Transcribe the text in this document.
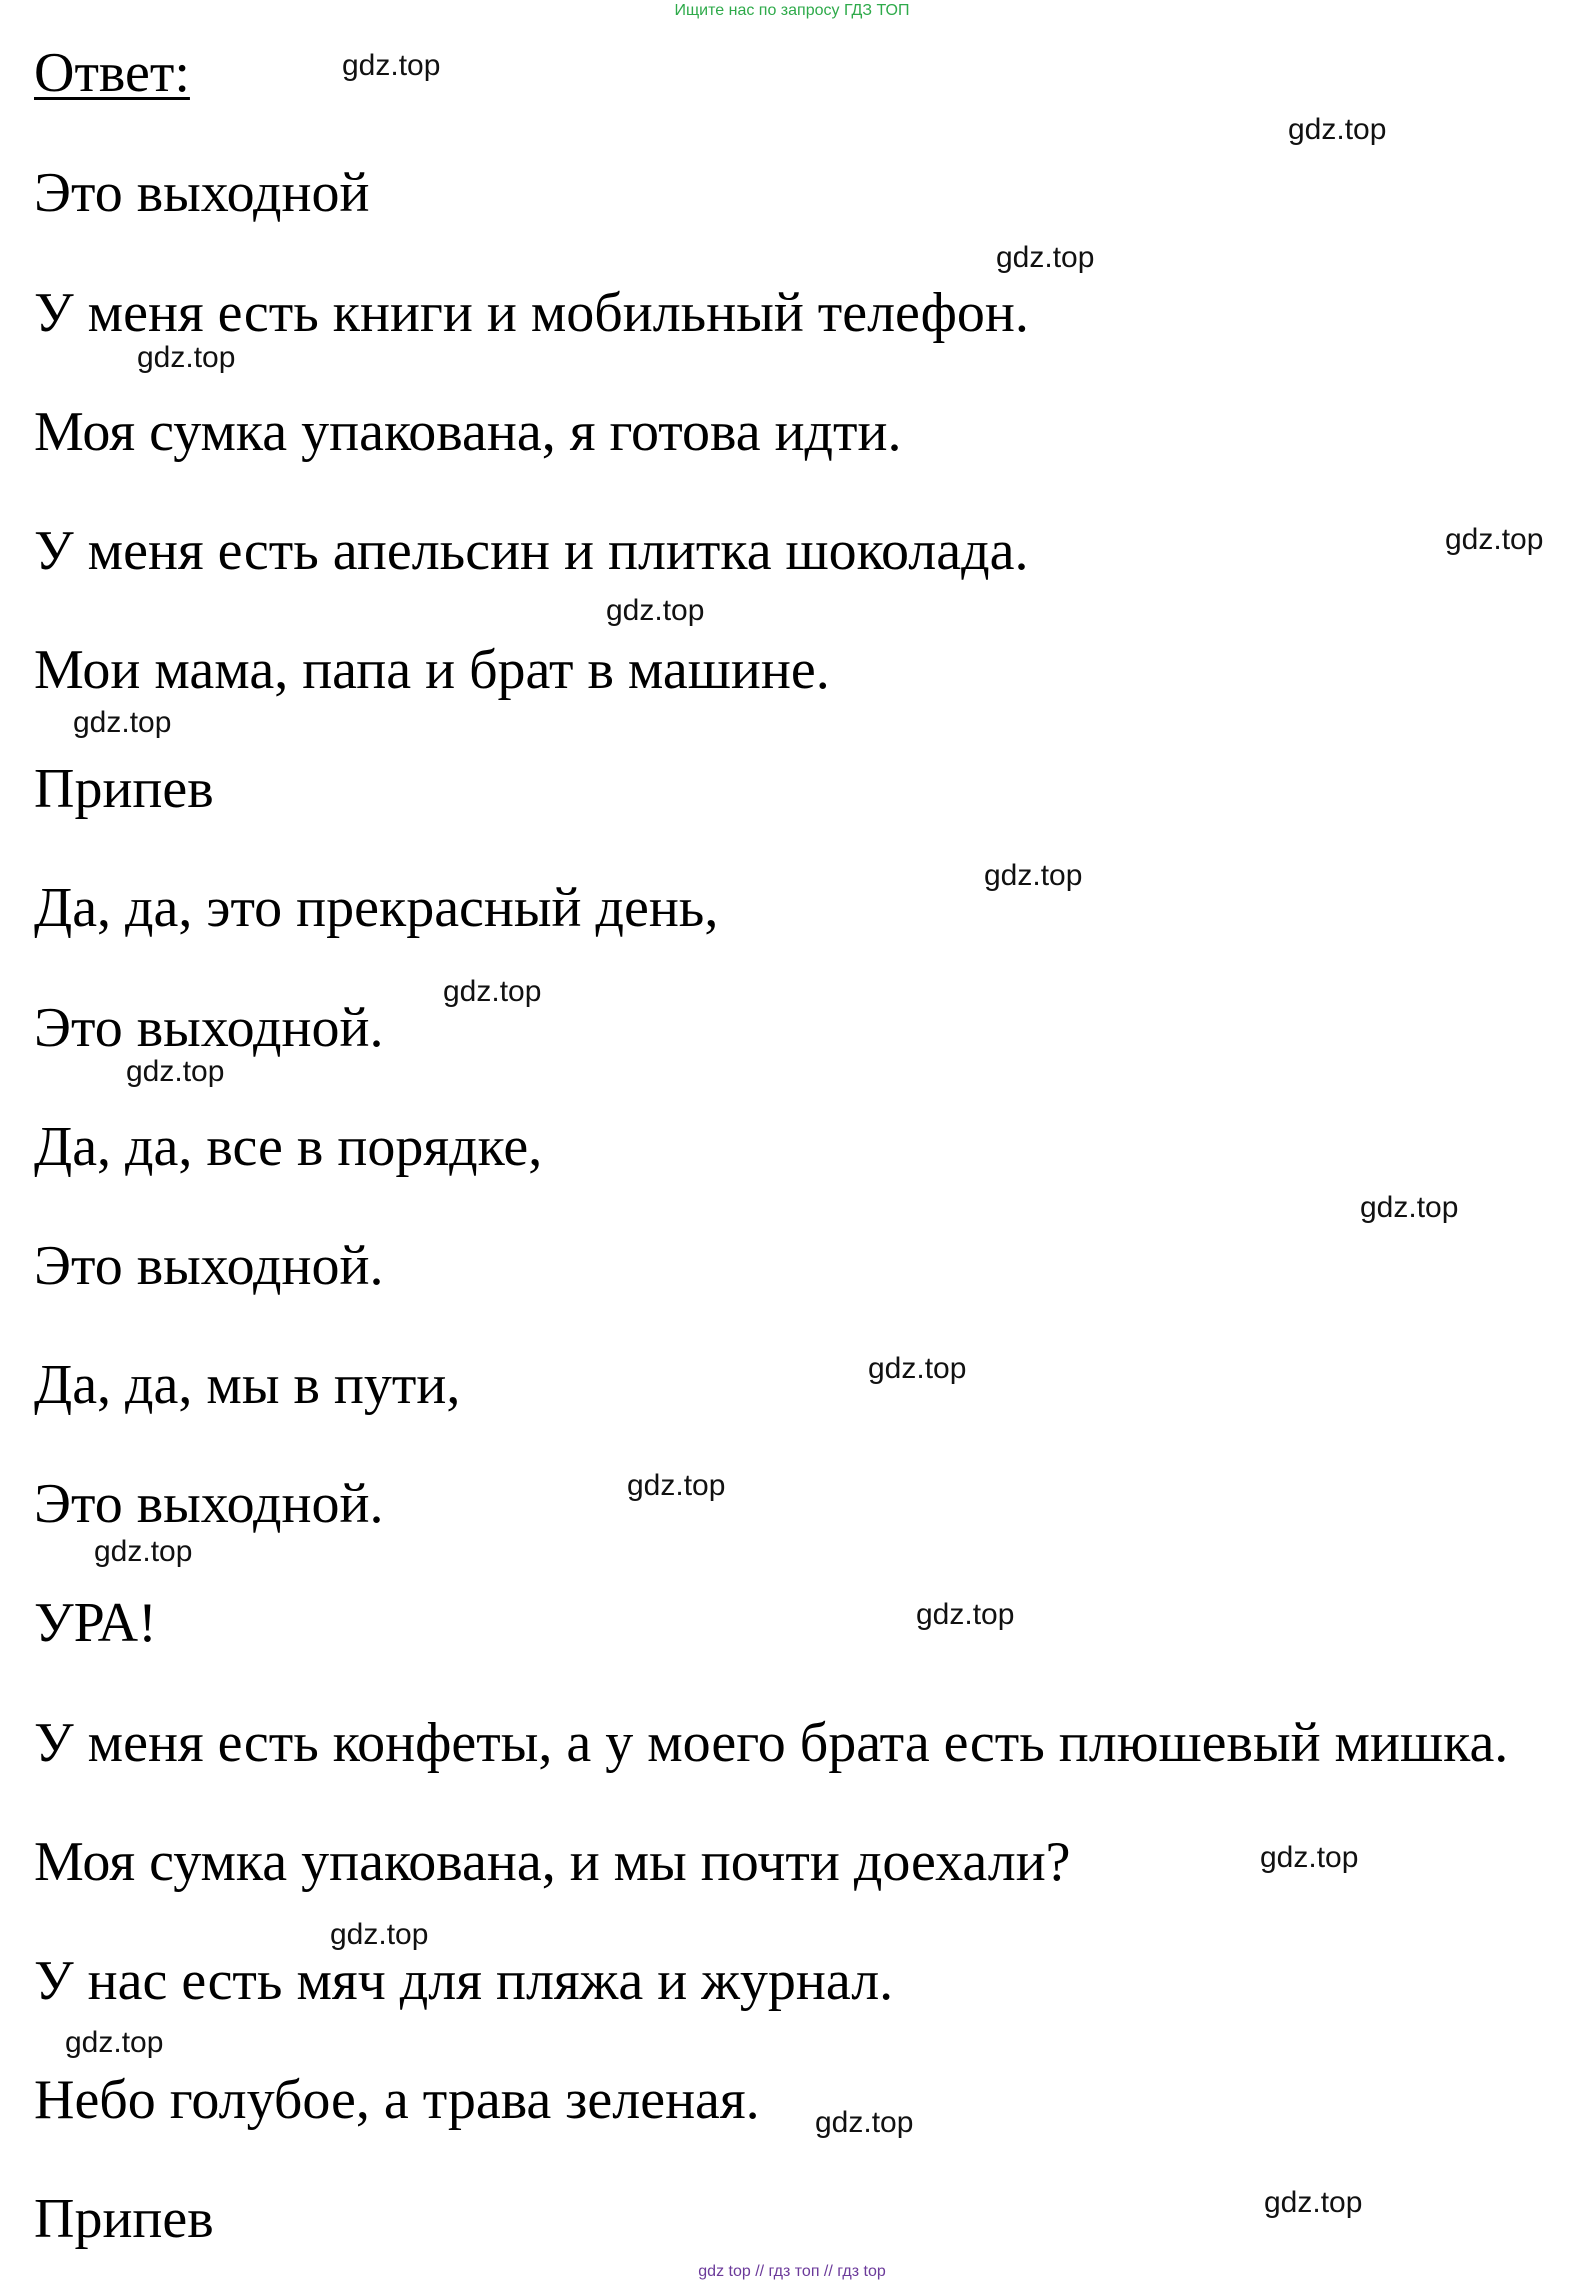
Ищите нас по запросу ГДЗ ТОП
Ответ:

Это выходной

У меня есть книги и мобильный телефон.

Моя сумка упакована, я готова идти.

У меня есть апельсин и плитка шоколада.

Мои мама, папа и брат в машине.

Припев

Да, да, это прекрасный день,

Это выходной.

Да, да, все в порядке,

Это выходной.

Да, да, мы в пути,

Это выходной.

УРА!

У меня есть конфеты, а у моего брата есть плюшевый мишка.

Моя сумка упакована, и мы почти доехали?

У нас есть мяч для пляжа и журнал.

Небо голубое, а трава зеленая.

Припев

gdz.top
gdz.top
gdz.top
gdz.top
gdz.top
gdz.top
gdz.top
gdz.top
gdz.top
gdz.top
gdz.top
gdz.top
gdz.top
gdz.top
gdz.top
gdz.top
gdz.top
gdz.top
gdz.top
gdz.top
gdz top // гдз топ // гдз top
